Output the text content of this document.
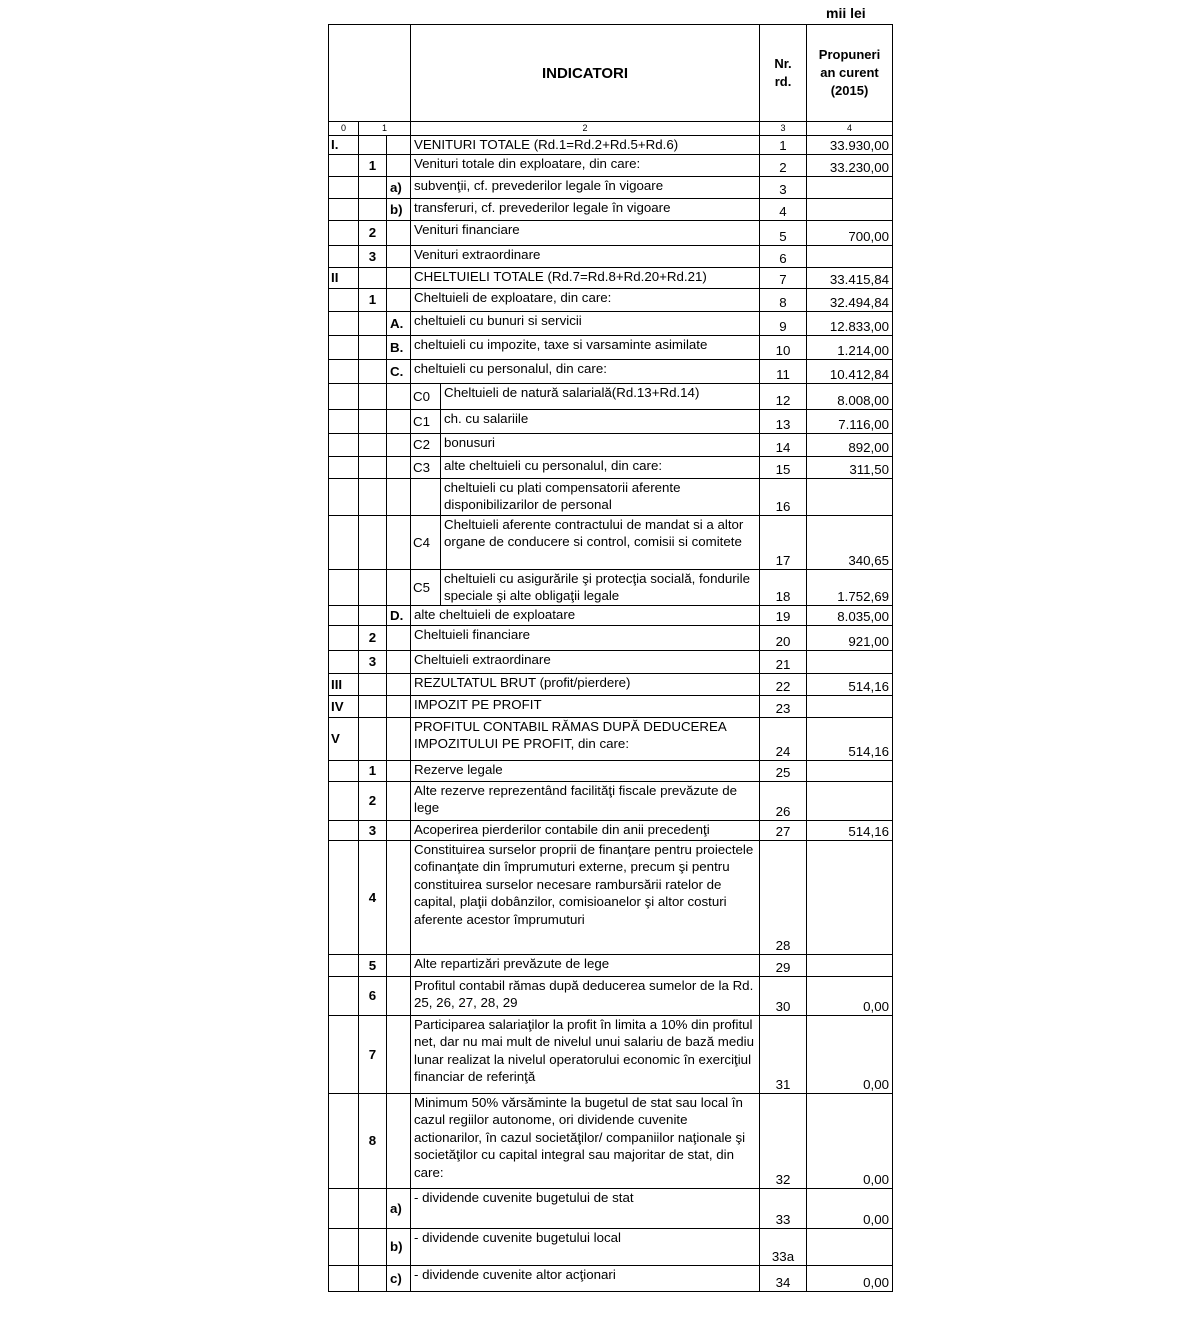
mii lei
	INDICATORI	
Nr.
rd.

Propuneri
an curent
(2015)
0	1	2	3	4
I.			VENITURI TOTALE (Rd.1=Rd.2+Rd.5+Rd.6)		1	33.930,00
	1		Venituri totale din exploatare, din care:		2	33.230,00
		a)	subvenţii, cf. prevederilor legale în vigoare		3	
		b)	transferuri, cf. prevederilor legale în vigoare		4	
	2		Venituri financiare		5	700,00
	3		Venituri extraordinare		6	
II			CHELTUIELI TOTALE (Rd.7=Rd.8+Rd.20+Rd.21)		7	33.415,84
	1		Cheltuieli de exploatare, din care:		8	32.494,84
		A.	cheltuieli cu bunuri si servicii		9	12.833,00
		B.	cheltuieli cu impozite, taxe si varsaminte asimilate		10	1.214,00
		C.	cheltuieli cu personalul, din care:		11	10.412,84
			C0	Cheltuieli de natură salarială(Rd.13+Rd.14)	12	8.008,00
			C1	ch. cu salariile	13	7.116,00
			C2	bonusuri	14	892,00
			C3	alte cheltuieli cu personalul, din care:	15	311,50
				cheltuieli cu plati compensatorii aferente disponibilizarilor de personal	16	
			C4	Cheltuieli aferente contractului de mandat si a altor organe de conducere si control, comisii si comitete	17	340,65
			C5	cheltuieli cu asigurările şi protecţia socială, fondurile speciale şi alte obligaţii legale	18	1.752,69
		D.	alte cheltuieli de exploatare		19	8.035,00
	2		Cheltuieli financiare		20	921,00
	3		Cheltuieli extraordinare		21	
III			REZULTATUL BRUT (profit/pierdere)		22	514,16
IV			IMPOZIT PE PROFIT		23	
V			PROFITUL CONTABIL RĂMAS DUPĂ DEDUCEREA IMPOZITULUI PE PROFIT, din care:		24	514,16
	1		Rezerve legale		25	
	2		Alte rezerve reprezentând facilităţi fiscale prevăzute de lege		26	
	3		Acoperirea pierderilor contabile din anii precedenţi		27	514,16
	4		Constituirea surselor proprii de finanţare pentru proiectele cofinanţate din împrumuturi externe, precum şi pentru constituirea surselor necesare rambursării ratelor de capital, plaţii dobânzilor, comisioanelor şi altor costuri aferente acestor împrumuturi		28	
	5		Alte repartizări prevăzute de lege		29	
	6		Profitul contabil rămas după deducerea sumelor de la Rd. 25, 26, 27, 28, 29		30	0,00
	7		Participarea salariaţilor la profit în limita a 10% din profitul net, dar nu mai mult de nivelul unui salariu de bază mediu lunar realizat la nivelul operatorului economic în exerciţiul financiar de referinţă		31	0,00
	8		Minimum 50% vărsăminte la bugetul de stat sau local în cazul regiilor autonome, ori dividende cuvenite actionarilor, în cazul societăţilor/ companiilor naţionale şi societăţilor cu capital integral sau majoritar de stat, din care:		32	0,00
		a)	- dividende cuvenite bugetului de stat		33	0,00
		b)	- dividende cuvenite bugetului local		33a	
		c)	- dividende cuvenite altor acţionari		34	0,00
